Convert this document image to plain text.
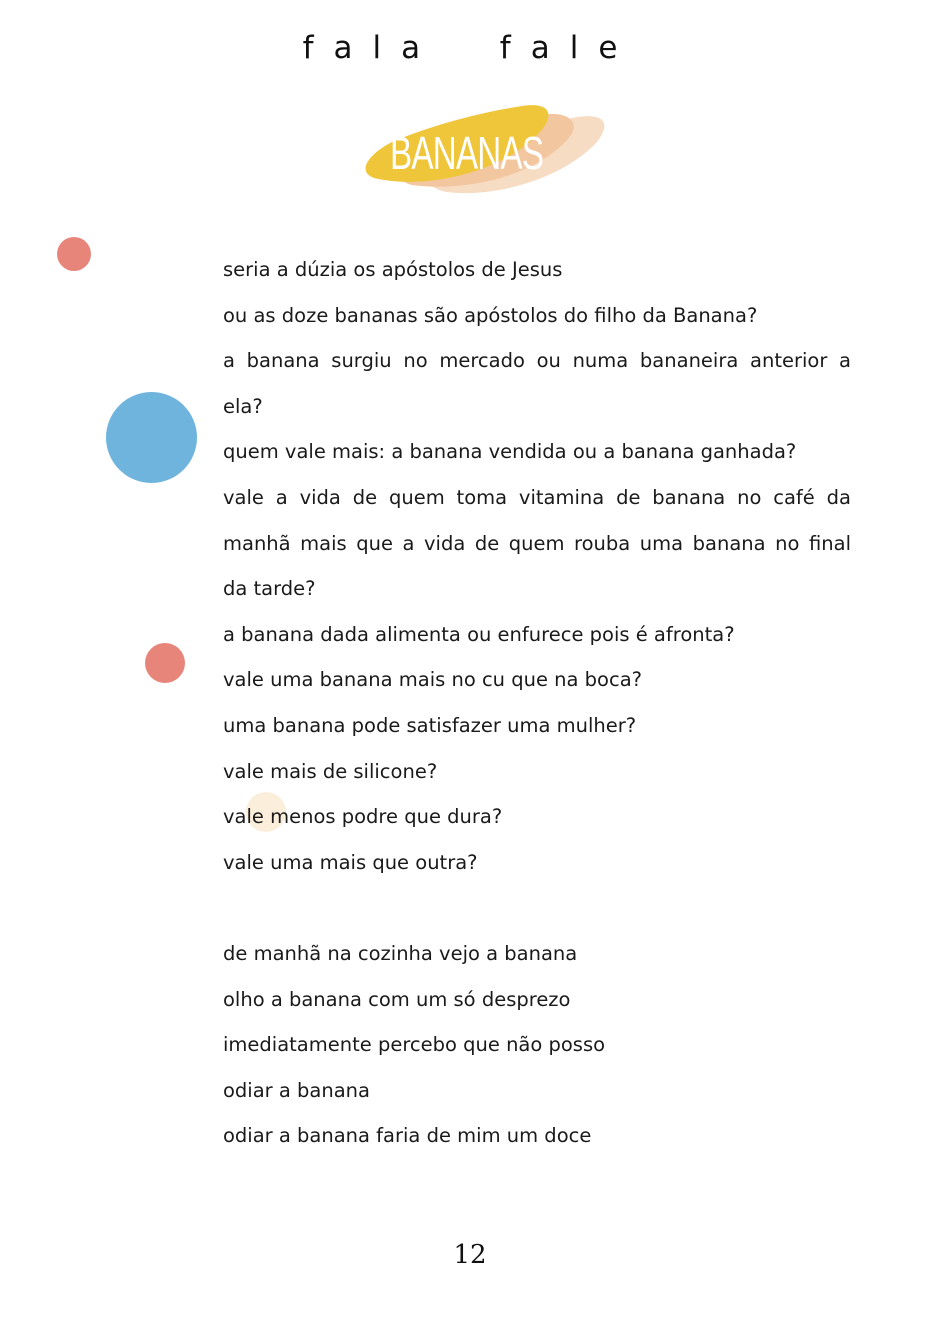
fala  fale
BANANAS
seria a dúzia os apóstolos de Jesus
ou as doze bananas são apóstolos do filho da Banana?
a banana surgiu no mercado ou numa bananeira anterior a
ela?
quem vale mais: a banana vendida ou a banana ganhada?
vale a vida de quem toma vitamina de banana no café da
manhã mais que a vida de quem rouba uma banana no final
da tarde?
a banana dada alimenta ou enfurece pois é afronta?
vale uma banana mais no cu que na boca?
uma banana pode satisfazer uma mulher?
vale mais de silicone?
vale menos podre que dura?
vale uma mais que outra?
de manhã na cozinha vejo a banana
olho a banana com um só desprezo
imediatamente percebo que não posso
odiar a banana
odiar a banana faria de mim um doce
12
